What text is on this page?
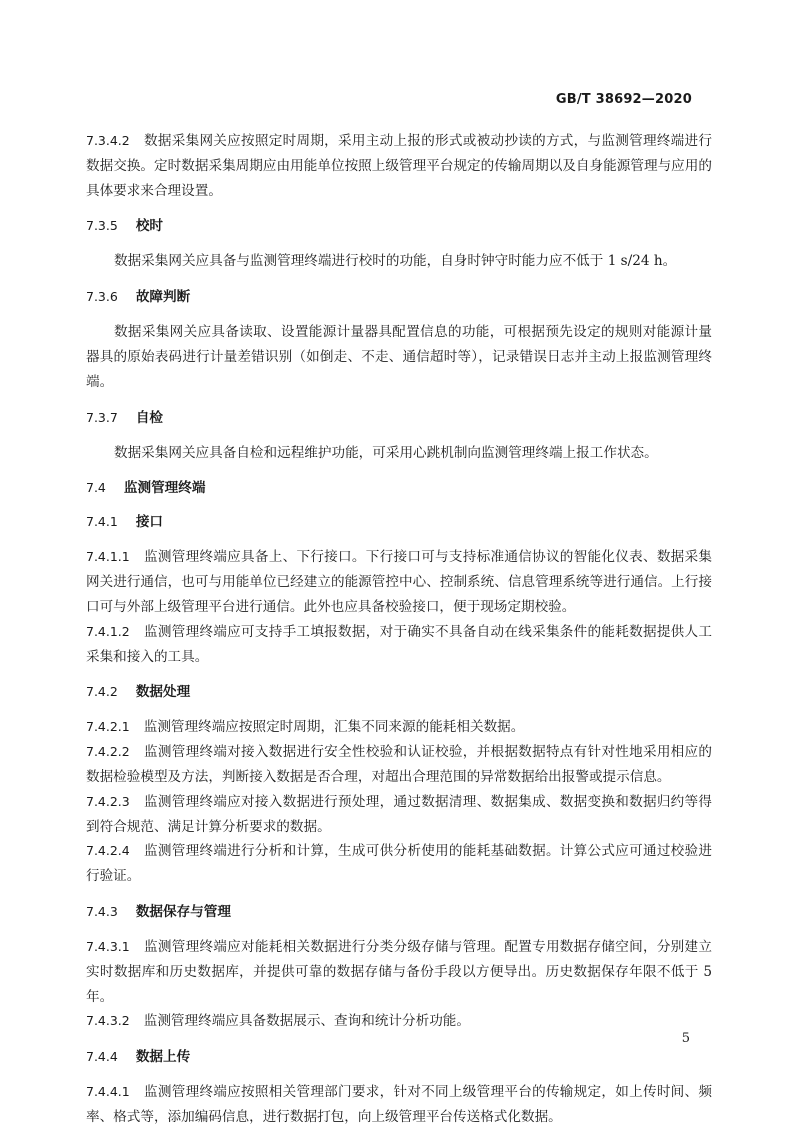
GB/T 38692—2020
7.3.4.2 数据采集网关应按照定时周期，采用主动上报的形式或被动抄读的方式，与监测管理终端进行数据交换。定时数据采集周期应由用能单位按照上级管理平台规定的传输周期以及自身能源管理与应用的具体要求来合理设置。
7.3.5 校时
数据采集网关应具备与监测管理终端进行校时的功能，自身时钟守时能力应不低于 1 s/24 h。
7.3.6 故障判断
数据采集网关应具备读取、设置能源计量器具配置信息的功能，可根据预先设定的规则对能源计量器具的原始表码进行计量差错识别（如倒走、不走、通信超时等），记录错误日志并主动上报监测管理终端。
7.3.7 自检
数据采集网关应具备自检和远程维护功能，可采用心跳机制向监测管理终端上报工作状态。
7.4 监测管理终端
7.4.1 接口
7.4.1.1 监测管理终端应具备上、下行接口。下行接口可与支持标准通信协议的智能化仪表、数据采集网关进行通信，也可与用能单位已经建立的能源管控中心、控制系统、信息管理系统等进行通信。上行接口可与外部上级管理平台进行通信。此外也应具备校验接口，便于现场定期校验。
7.4.1.2 监测管理终端应可支持手工填报数据，对于确实不具备自动在线采集条件的能耗数据提供人工采集和接入的工具。
7.4.2 数据处理
7.4.2.1 监测管理终端应按照定时周期，汇集不同来源的能耗相关数据。
7.4.2.2 监测管理终端对接入数据进行安全性校验和认证校验，并根据数据特点有针对性地采用相应的数据检验模型及方法，判断接入数据是否合理，对超出合理范围的异常数据给出报警或提示信息。
7.4.2.3 监测管理终端应对接入数据进行预处理，通过数据清理、数据集成、数据变换和数据归约等得到符合规范、满足计算分析要求的数据。
7.4.2.4 监测管理终端进行分析和计算，生成可供分析使用的能耗基础数据。计算公式应可通过校验进行验证。
7.4.3 数据保存与管理
7.4.3.1 监测管理终端应对能耗相关数据进行分类分级存储与管理。配置专用数据存储空间，分别建立实时数据库和历史数据库，并提供可靠的数据存储与备份手段以方便导出。历史数据保存年限不低于 5 年。
7.4.3.2 监测管理终端应具备数据展示、查询和统计分析功能。
7.4.4 数据上传
7.4.4.1 监测管理终端应按照相关管理部门要求，针对不同上级管理平台的传输规定，如上传时间、频率、格式等，添加编码信息，进行数据打包，向上级管理平台传送格式化数据。
5
